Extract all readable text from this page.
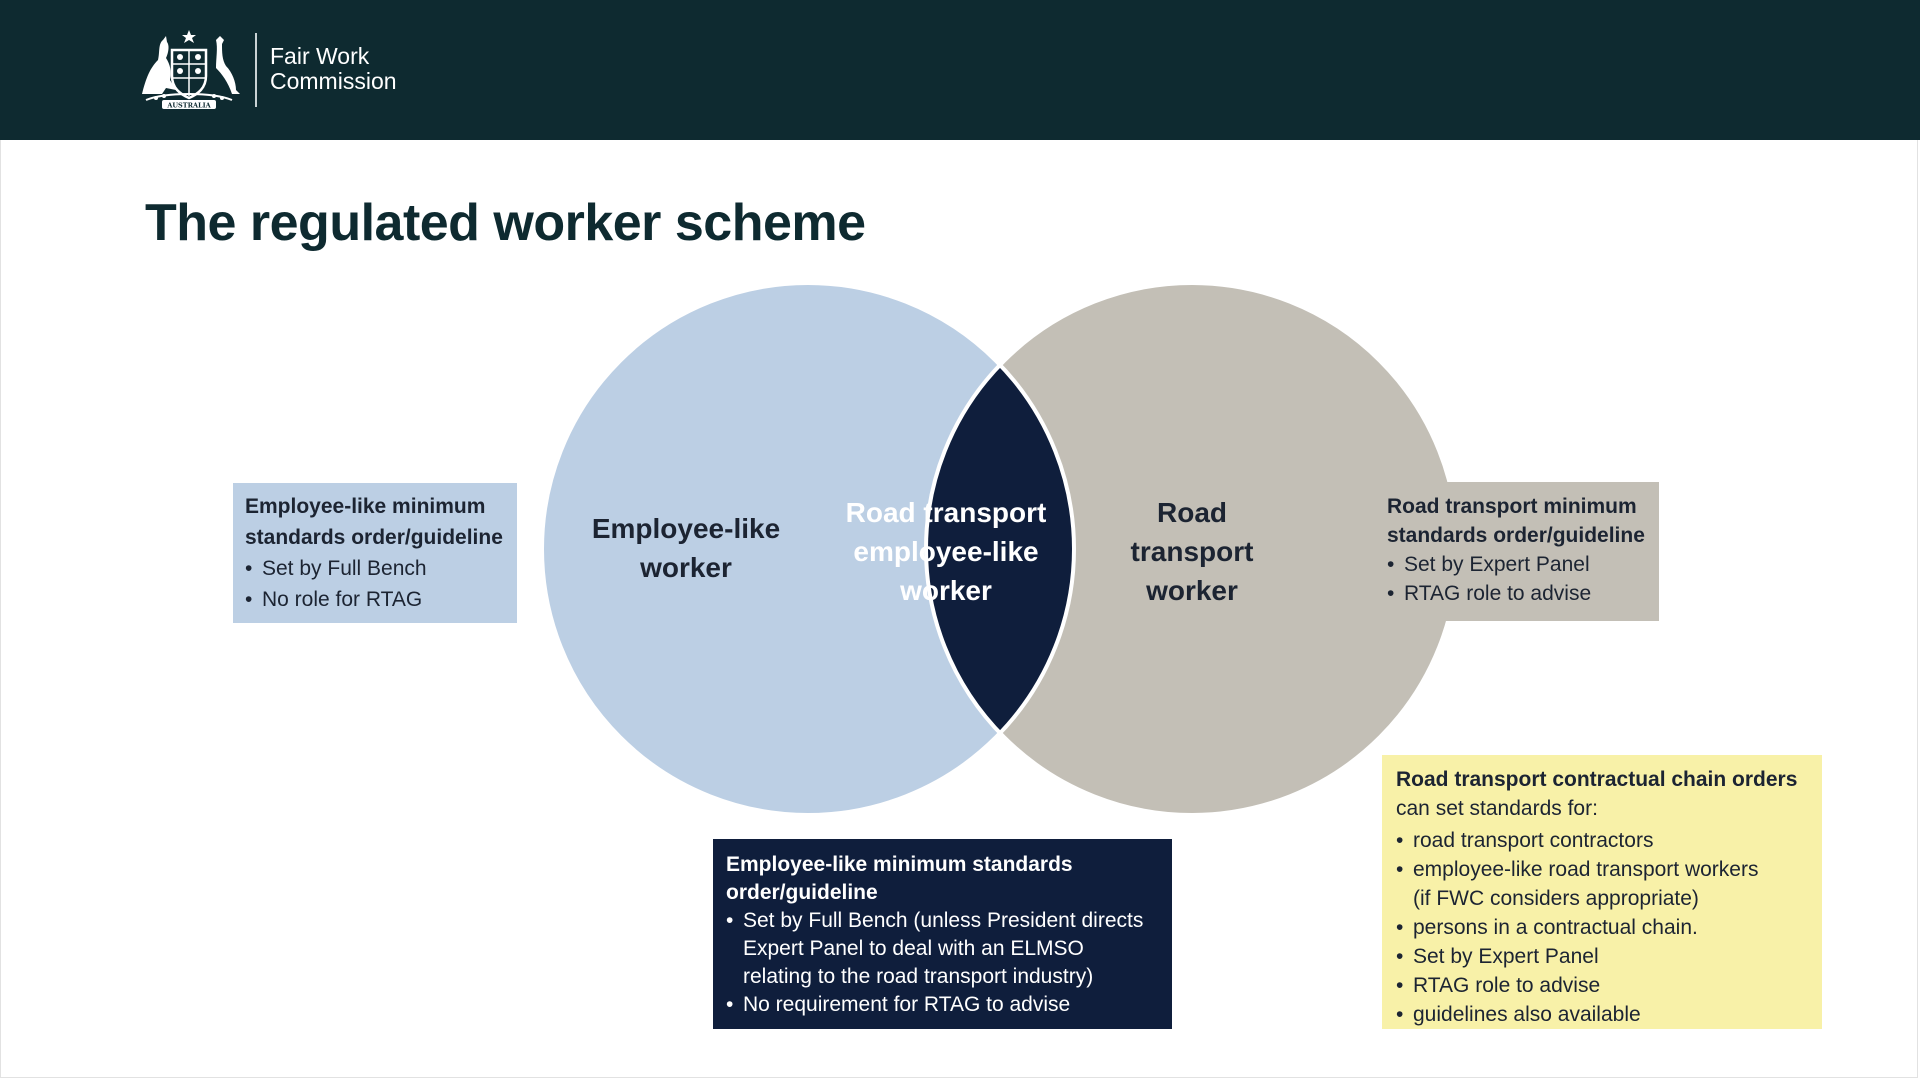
AUSTRALIA
Fair Work
Commission
The regulated worker scheme
Employee-like
worker
Road transport
employee-like
worker
Road
transport
worker
Employee-like minimum
standards order/guideline
• Set by Full Bench
• No role for RTAG
Road transport minimum
standards order/guideline
• Set by Expert Panel
• RTAG role to advise
Employee-like minimum standards
order/guideline
• Set by Full Bench (unless President directs
Expert Panel to deal with an ELMSO
relating to the road transport industry)
• No requirement for RTAG to advise
Road transport contractual chain orders
can set standards for:
• road transport contractors
• employee-like road transport workers
(if FWC considers appropriate)
• persons in a contractual chain.
• Set by Expert Panel
• RTAG role to advise
• guidelines also available
